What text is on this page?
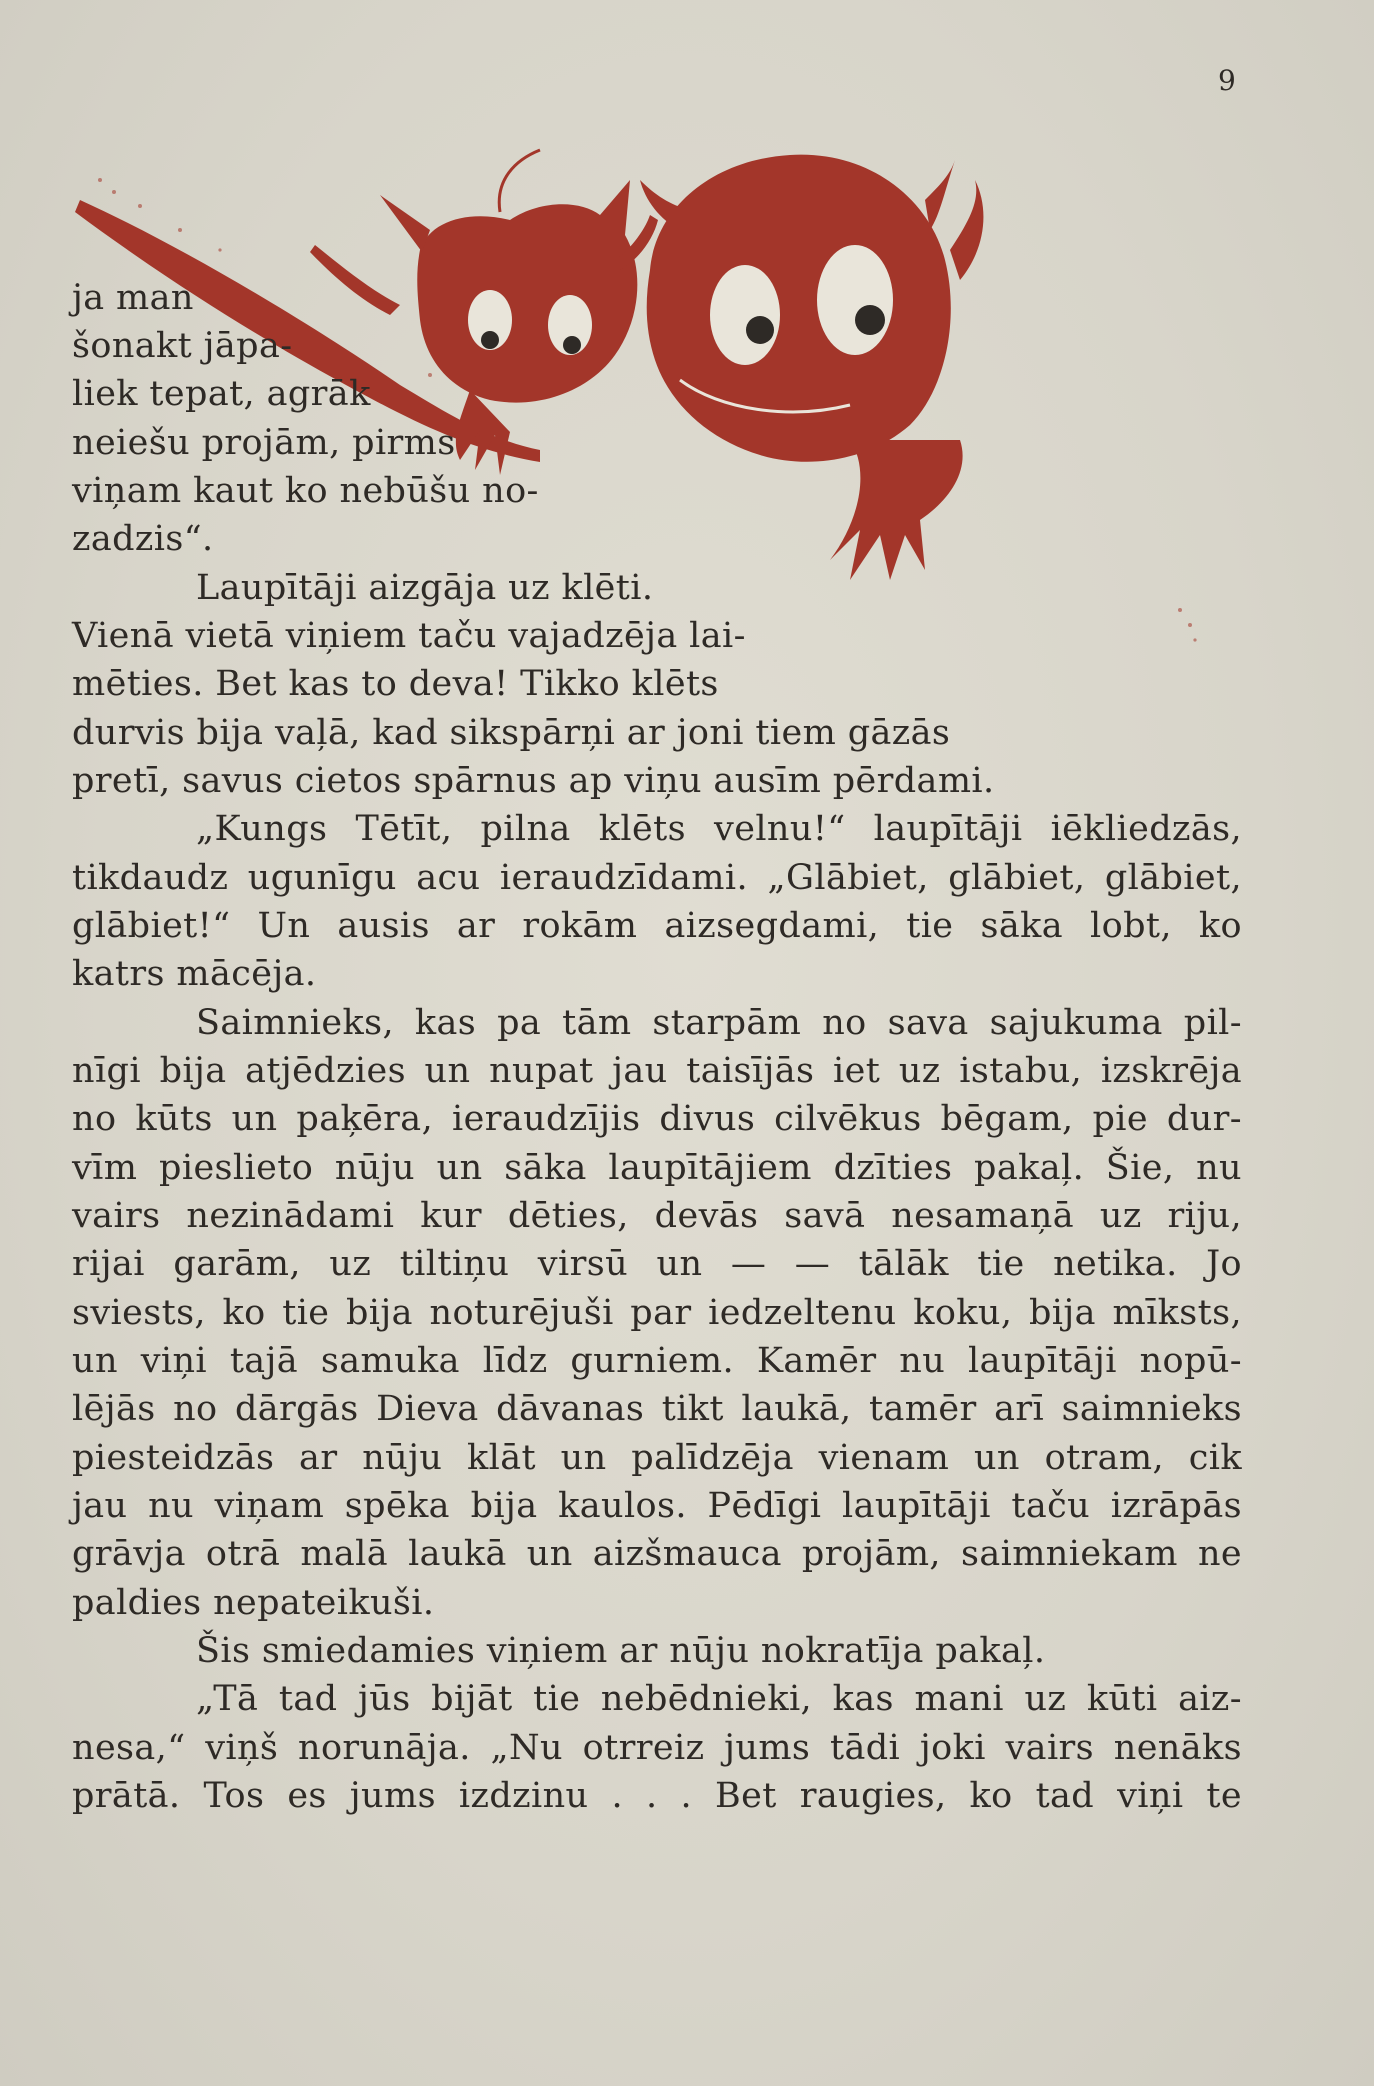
9
ja man
šonakt jāpa-
liek tepat, agrāk
neiešu projām, pirms
viņam kaut ko nebūšu no-
zadzis“.
Laupītāji aizgāja uz klēti.
Vienā vietā viņiem taču vajadzēja lai-
mēties. Bet kas to deva! Tikko klēts
durvis bija vaļā, kad sikspārņi ar joni tiem gāzās
pretī, savus cietos spārnus ap viņu ausīm pērdami.
„Kungs Tētīt, pilna klēts velnu!“ laupītāji iēkliedzās,
tikdaudz ugunīgu acu ieraudzīdami. „Glābiet, glābiet, glābiet,
glābiet!“ Un ausis ar rokām aizsegdami, tie sāka lobt, ko
katrs mācēja.
Saimnieks, kas pa tām starpām no sava sajukuma pil-
nīgi bija atjēdzies un nupat jau taisījās iet uz istabu, izskrēja
no kūts un paķēra, ieraudzījis divus cilvēkus bēgam, pie dur-
vīm pieslieto nūju un sāka laupītājiem dzīties pakaļ. Šie, nu
vairs nezinādami kur dēties, devās savā nesamaņā uz riju,
rijai garām, uz tiltiņu virsū un — — tālāk tie netika. Jo
sviests, ko tie bija noturējuši par iedzeltenu koku, bija mīksts,
un viņi tajā samuka līdz gurniem. Kamēr nu laupītāji nopū-
lējās no dārgās Dieva dāvanas tikt laukā, tamēr arī saimnieks
piesteidzās ar nūju klāt un palīdzēja vienam un otram, cik
jau nu viņam spēka bija kaulos. Pēdīgi laupītāji taču izrāpās
grāvja otrā malā laukā un aizšmauca projām, saimniekam ne
paldies nepateikuši.
Šis smiedamies viņiem ar nūju nokratīja pakaļ.
„Tā tad jūs bijāt tie nebēdnieki, kas mani uz kūti aiz-
nesa,“ viņš norunāja. „Nu otrreiz jums tādi joki vairs nenāks
prātā. Tos es jums izdzinu . . . Bet raugies, ko tad viņi te
